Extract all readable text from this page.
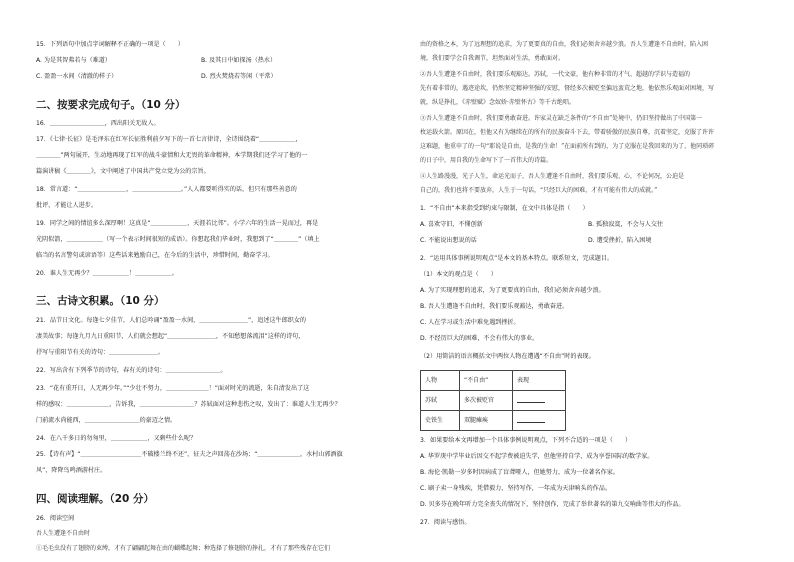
15．下列语句中加点字词解释不正确的一项是（　　）
A. 为是其智弗若与（难道）	B. 及其日中如探汤（热水）
C. 盈盈一水间（清澈的样子）	D. 烈火焚烧若等闲（平常）
二、按要求完成句子。（10 分）
16．＿＿＿＿＿＿＿＿＿，西出阳关无故人。
17．《七律·长征》是毛泽东在红军长征胜利前夕写下的一首七言律诗，全诗围绕着“＿＿＿＿＿＿，
＿＿＿＿”两句展开，生动地再现了红军的战斗豪情和大无畏的革命精神，本学期我们还学习了他的一
篇演讲稿《＿＿＿＿》，文中阐述了中国共产党立党为公的宗旨。
18．常言道：“＿＿＿＿＿＿＿＿，＿＿＿＿＿＿＿＿。”人人都要听得实的话，但只有那些善意的
批评，才能让人进步。
19．同学之间的情谊多么深厚啊！这真是“＿＿＿＿＿＿，天涯若比邻”。小学六年的生活一晃而过，再是
光阴似箭，＿＿＿＿＿＿（写一个表示时间很短的成语）。你想起我们毕业时，我想到了“＿＿＿＿”（填上
临当的名言警句或谚语等）这些话来勉励自己，在今后的生活中，珍惜时间，勤奋学习。
20．谁人生无再少？＿＿＿＿＿＿！＿＿＿＿＿＿。
三、古诗文积累。（10 分）
21．品节日文化。每逢七夕佳节，人们总吟诵“盈盈一水间，＿＿＿＿＿＿＿＿”，追述这牛郎织女的
凄美故事；每逢九月九日重阳节，人们就会想起“＿＿＿＿＿＿＿＿，不知愁想落流泪”这样的诗句，
抒写与重阳节有关的诗句：＿＿＿＿＿＿＿＿。
22．写出含有下列季节的诗句，春有关的诗句：＿＿＿＿＿＿＿＿＿。
23．“花有重开日，人无再少年。”“少壮不努力，＿＿＿＿＿＿＿！”面对时光的流逝，朱自清发出了这
样的感叹：＿＿＿＿＿＿＿，告诉我，＿＿＿＿＿＿＿＿＿？苏轼面对这种悲伤之叹，发出了：谁道人生无再少？
门前流水尚能西，＿＿＿＿＿＿＿＿＿的豪迈之情。
24．在八千多日的勿匆里，＿＿＿＿＿＿，又剩些什么呢？
25．【诗有声】“＿＿＿＿＿＿＿＿＿＿不破楼兰终不还”，征夫之声回荡在沙场；“＿＿＿＿＿＿＿，水村山郭酒旗
风”，降降鸟鸣酒游村庄。
四、阅读理解。（20 分）
26．阅读空间
吾人生遭逢不自由时
①毛毛虫没有了翅膀的束缚，才有了翩翩起舞在由的蝴蝶起舞；种选择了修翅膀的挣扎，才有了那些残存在它们
由的资格之本，为了远理想的追求，为了更要真的自由，我们必须舍弃越少浪。吾人生遭逢不自由时，陷入困
境，我们要学会自我调节，坦然面对生活，勇敢面对。
②吾人生遭逢不自由时，我们要乐观豁达。苏轼，一代文豪，他有种非常的才气、超越的学识与造福的
先有着非常的，遇迹途坎，仍然坚定精神坚强的安慰，督经多次被贬至偏远蛮荒之地，他依然乐观面对困境，写
就，纵是挣扎，《赤壁赋》念奴娇·赤壁怀古》等千古绝唱。
③吾人生遭逢不自由时，我们要勇敢奋进。许家灵在缺乏条件的“不自由”处境中，仍旧坚持做出了中国第一
枚运载火箭。原因在，但他又有为继续在的所有的民族奋斗下去，带着骄傲的民族自尊，沉着坚定，克服了许许
这难题，他重申了的一句“耶说是自由，是我的生命！”在面前所有到的，为了克服在是我回来的为了，他同琐碎
的日子中，用自我的生命写下了一首伟大的诗篇。
④人生路漫漫，光子人生，命运光而子，吾人生遭逢不自由时，我们要乐观、心，不论何况，公迫是
自己的，我们也将不要放弃，人生于一句话，“只经巨大的困难，才有可能有伟大的成就。”
1．“不自由”本来指受到约束与限制，在文中具体是指（　　）
A. 喜欢守旧，不懂创新	B. 孤独寂寞，不会与人交往
C. 不能说出想说的话	D. 遭受挫折，陷入困境
2．“运用具体事例说明观点”是本文的基本特点。联系短文，完成题目。
（1）本文的观点是（　　）
A. 为了实现理想的追求，为了更要真的自由，我们必须舍弃越少浪。
B. 吾人生遭逢不自由时，我们要乐观豁达，勇敢奋进。
C. 人在学习或生活中难免遇到挫折。
D. 不经历巨大的困难，不会有伟大的事业。
（2）用简洁的语言概括文中两位人物在遭遇“不自由”时的表现。
人物	“不自由”	表现
苏轼	多次被贬官	
史铁生	双腿瘫痪	
3．如果要给本文再增加一个具体事例说明观点，下列不合适的一项是（　　）
A. 华罗庚中学毕业后因交不起学费被迫失学，但他坚持自学，成为享誉国际的数学家。
B. 海伦·凯勒一岁多时因病成了盲聋哑人，但她努力，成为一位著名作家。
C. 刷子卖一身残疾，凭借毅力，坚持写作，一年成为天津响头的作品。
D. 贝多芬在晚年听力完全丧失的情况下，坚持创作，完成了举世著名的第九交响曲等伟大的作品。
27．阅读与感悟。
